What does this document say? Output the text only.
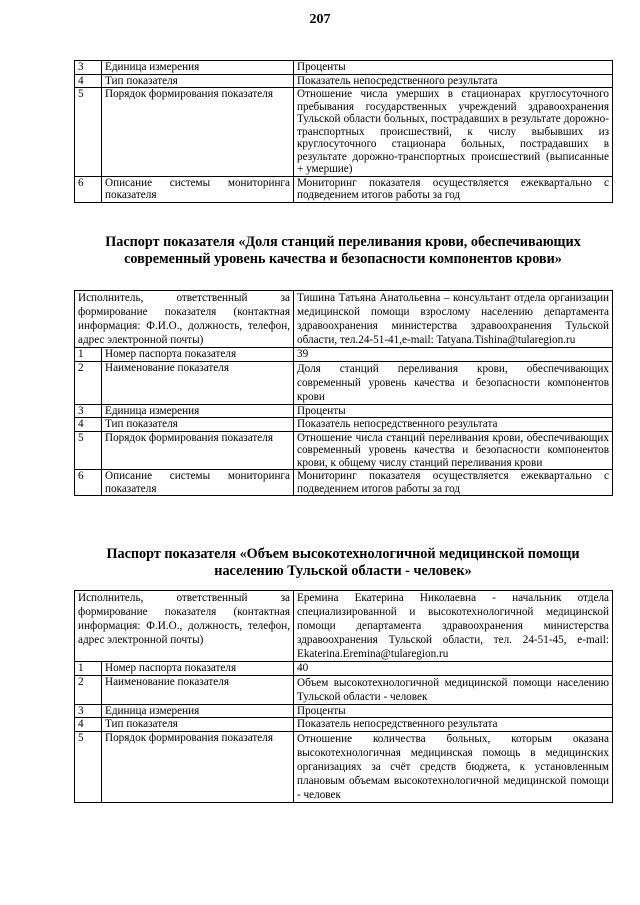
207
3	Единица измерения	Проценты
4	Тип показателя	Показатель непосредственного результата
5	Порядок формирования показателя	Отношение числа умерших в стационарах круглосуточного пребывания государственных учреждений здравоохранения Тульской области больных, пострадавших в результате дорожно-транспортных происшествий, к числу выбывших из круглосуточного стационара больных, пострадавших в результате дорожно-транспортных происшествий (выписанные + умершие)
6	Описание системы мониторинга показателя	Мониторинг показателя осуществляется ежеквартально с подведением итогов работы за год
Паспорт показателя «Доля станций переливания крови, обеспечивающих современный уровень качества и безопасности компонентов крови»
Исполнитель, ответственный за формирование показателя (контактная информация: Ф.И.О., должность, телефон, адрес электронной почты)		Тишина Татьяна Анатольевна – консультант отдела организации медицинской помощи взрослому населению департамента здравоохранения министерства здравоохранения Тульской области, тел.24-51-41,e-mail: Tatyana.Tishina@tularegion.ru
1	Номер паспорта показателя	39
2	Наименование показателя	Доля станций переливания крови, обеспечивающих современный уровень качества и безопасности компонентов крови
3	Единица измерения	Проценты
4	Тип показателя	Показатель непосредственного результата
5	Порядок формирования показателя	Отношение числа станций переливания крови, обеспечивающих современный уровень качества и безопасности компонентов крови, к общему числу станций переливания крови
6	Описание системы мониторинга показателя	Мониторинг показателя осуществляется ежеквартально с подведением итогов работы за год
Паспорт показателя «Объем высокотехнологичной медицинской помощи населению Тульской области - человек»
Исполнитель, ответственный за формирование показателя (контактная информация: Ф.И.О., должность, телефон, адрес электронной почты)		Еремина Екатерина Николаевна - начальник отдела специализированной и высокотехнологичной медицинской помощи департамента здравоохранения министерства здравоохранения Тульской области, тел. 24-51-45, e-mail: Ekaterina.Eremina@tularegion.ru
1	Номер паспорта показателя	40
2	Наименование показателя	Объем высокотехнологичной медицинской помощи населению Тульской области - человек
3	Единица измерения	Проценты
4	Тип показателя	Показатель непосредственного результата
5	Порядок формирования показателя	Отношение количества больных, которым оказана высокотехнологичная медицинская помощь в медицинских организациях за счёт средств бюджета, к установленным плановым объемам высокотехнологичной медицинской помощи - человек
